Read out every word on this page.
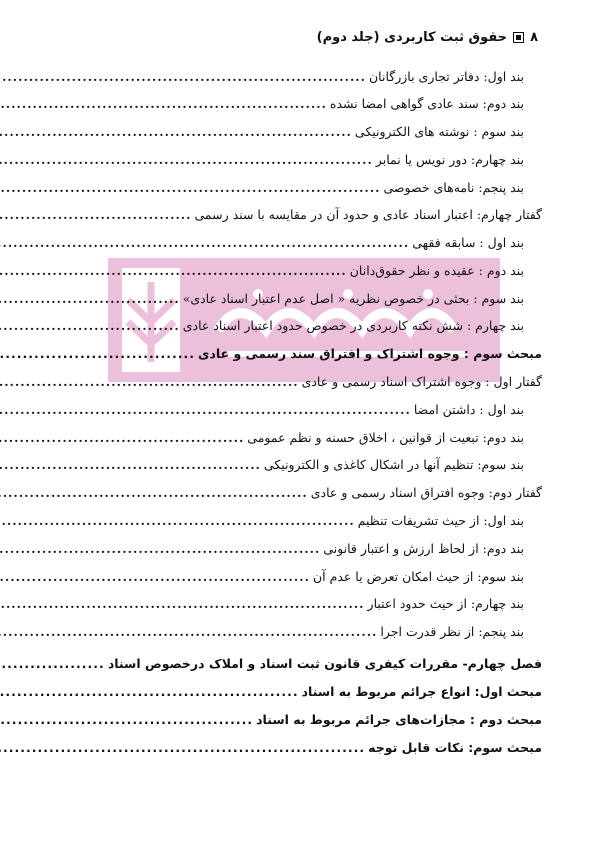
۸
حقوق ثبت کاربردی (جلد دوم)
بند اول: دفاتر تجاری بازرگانان
.....
بند دوم: سند عادی گواهی امضا نشده
.....
بند سوم : نوشته های الکترونیکی
.....
بند چهارم: دور نویس یا نمابر
.....
بند پنجم: نامه‌های خصوصی
.....
گفتار چهارم: اعتبار اسناد عادی و حدود آن در مقایسه با سند رسمی
.....
بند اول : سابقه فقهی
.....
بند دوم : عقیده و نظر حقوق‌دانان
.....
بند سوم : بحثی در خصوص نظریه « اصل عدم اعتبار اسناد عادی»
.....
بند چهارم : شش نکته کاربردی در خصوص حدود اعتبار اسناد عادی
.....
مبحث سوم : وجوه اشتراک و افتراق سند رسمی و عادی
.....
گفتار اول : وجوه اشتراک اسناد رسمی و عادی
.....
بند اول : داشتن امضا
.....
بند دوم: تبعیت از قوانین ، اخلاق حسنه و نظم عمومی
.....
بند سوم: تنظیم آنها در اشکال کاغذی و الکترونیکی
.....
گفتار دوم: وجوه افتراق اسناد رسمی و عادی
.....
بند اول: از حیث تشریفات تنظیم
.....
بند دوم: از لحاظ ارزش و اعتبار قانونی
.....
بند سوم: از حیث امکان تعرض یا عدم آن
.....
بند چهارم: از حیث حدود اعتبار
.....
بند پنجم: از نظر قدرت اجرا
.....
فصل چهارم- مقررات کیفری قانون ثبت اسناد و املاک درخصوص اسناد
.....
مبحث اول: انواع جرائم مربوط به اسناد
.....
مبحث دوم : مجازات‌های جرائم مربوط به اسناد
.....
مبحث سوم: نکات قابل توجه
.....
